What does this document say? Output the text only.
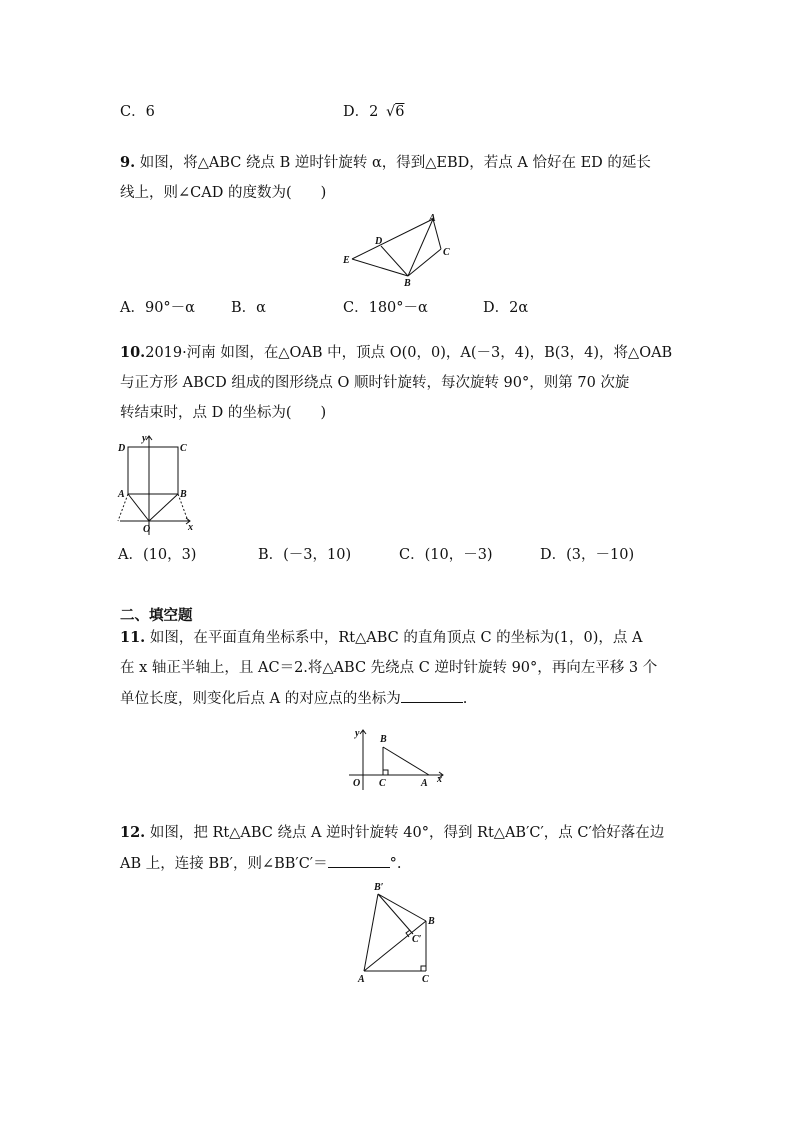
C．6	D．2 √6
9. 如图，将△ABC 绕点 B 逆时针旋转 α，得到△EBD，若点 A 恰好在 ED 的延长
线上，则∠CAD 的度数为(　　)
A
C
B
D
E
A．90°－α B．α	C．180°－α	D．2α
10.2019·河南 如图，在△OAB 中，顶点 O(0，0)，A(－3，4)，B(3，4)，将△OAB
与正方形 ABCD 组成的图形绕点 O 顺时针旋转，每次旋转 90°，则第 70 次旋
转结束时，点 D 的坐标为(　　)
D	C
A	B
O	x
y
A．(10，3)	B．(－3，10)	C．(10，－3)	D．(3，－10)
二、填空题
11. 如图，在平面直角坐标系中，Rt△ABC 的直角顶点 C 的坐标为(1，0)，点 A
在 x 轴正半轴上，且 AC＝2.将△ABC 先绕点 C 逆时针旋转 90°，再向左平移 3 个
单位长度，则变化后点 A 的对应点的坐标为	.
y
B
O C	A x
12. 如图，把 Rt△ABC 绕点 A 逆时针旋转 40°，得到 Rt△AB′C′，点 C′恰好落在边
AB 上，连接 BB′，则∠BB′C′＝	°.
B′
B
C′
A	C
